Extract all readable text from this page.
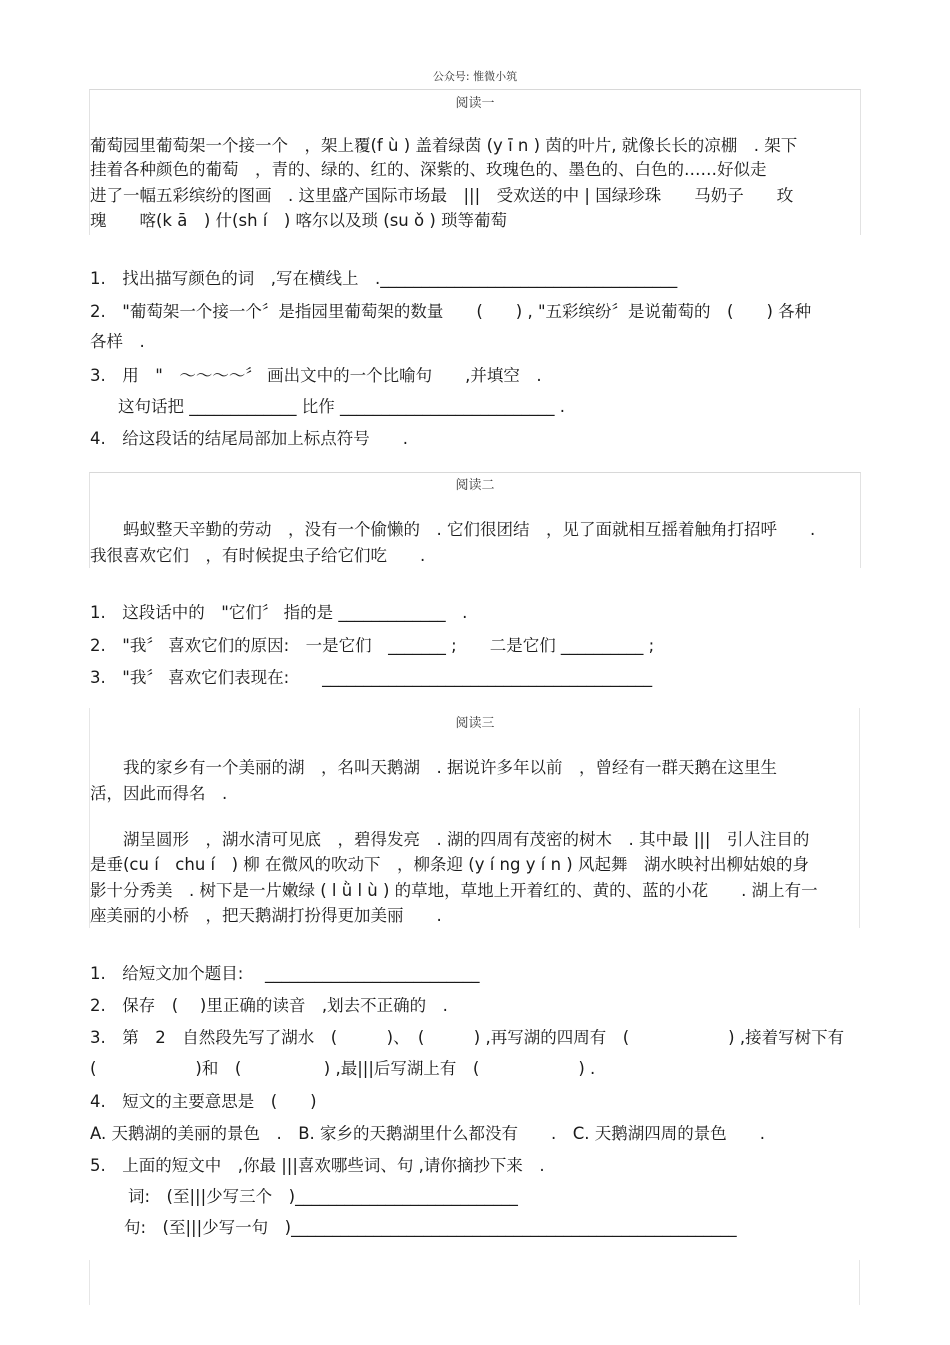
公众号: 惟微小筑
阅读一
葡萄园里葡萄架一个接一个　，架上覆(f ù ) 盖着绿茵 (y ī n ) 茵的叶片, 就像长长的凉棚　. 架下
挂着各种颜色的葡萄　，青的、绿的、红的、深紫的、玫瑰色的、墨色的、白色的……好似走
进了一幅五彩缤纷的图画　. 这里盛产国际市场最　|||　受欢送的中 | 国绿珍珠　　马奶子　　玫
瑰　　喀(k ā　) 什(sh í　) 喀尔以及琐 (su ǒ ) 琐等葡萄
1.　找出描写颜色的词　,写在横线上　.____________________________________
2.　"葡萄架一个接一个〞是指园里葡萄架的数量　　(　　) , "五彩缤纷〞是说葡萄的　(　　) 各种
各样　.
3.　用　"　～～～～〞 画出文中的一个比喻句　　,并填空　.
这句话把 _____________ 比作 __________________________ .
4.　给这段话的结尾局部加上标点符号　　.
阅读二
　　蚂蚁整天辛勤的劳动　，没有一个偷懒的　. 它们很团结　，见了面就相互摇着触角打招呼　　.
我很喜欢它们　，有时候捉虫子给它们吃　　.
1.　这段话中的　"它们〞 指的是 _____________　.
2.　"我〞 喜欢它们的原因:　一是它们　_______ ;　　二是它们 __________ ;
3.　"我〞 喜欢它们表现在:　　________________________________________
阅读三
　　我的家乡有一个美丽的湖　，名叫天鹅湖　. 据说许多年以前　，曾经有一群天鹅在这里生
活，因此而得名　.
　　湖呈圆形　，湖水清可见底　，碧得发亮　. 湖的四周有茂密的树木　. 其中最 |||　引人注目的
是垂(cu í　chu í　) 柳 在微风的吹动下　，柳条迎 (y í ng y í n ) 风起舞　湖水映衬出柳姑娘的身
影十分秀美　. 树下是一片嫩绿 ( l ǜ l ù ) 的草地，草地上开着红的、黄的、蓝的小花　　. 湖上有一
座美丽的小桥　，把天鹅湖打扮得更加美丽　　.
1.　给短文加个题目:　 __________________________
2.　保存　(　 )里正确的读音　,划去不正确的　.
3.　第　2　自然段先写了湖水　(　　　)、　(　　　) ,再写湖的四周有　(　　　　　　) ,接着写树下有
(　　　　　　)和　(　　　　　) ,最|||后写湖上有　(　　　　　　) .
4.　短文的主要意思是　(　　)
A. 天鹅湖的美丽的景色　.　B. 家乡的天鹅湖里什么都没有　　.　C. 天鹅湖四周的景色　　.
5.　上面的短文中　,你最 |||喜欢哪些词、句 ,请你摘抄下来　.
词:　(至|||少写三个　)___________________________
句:　(至|||少写一句　)______________________________________________________
